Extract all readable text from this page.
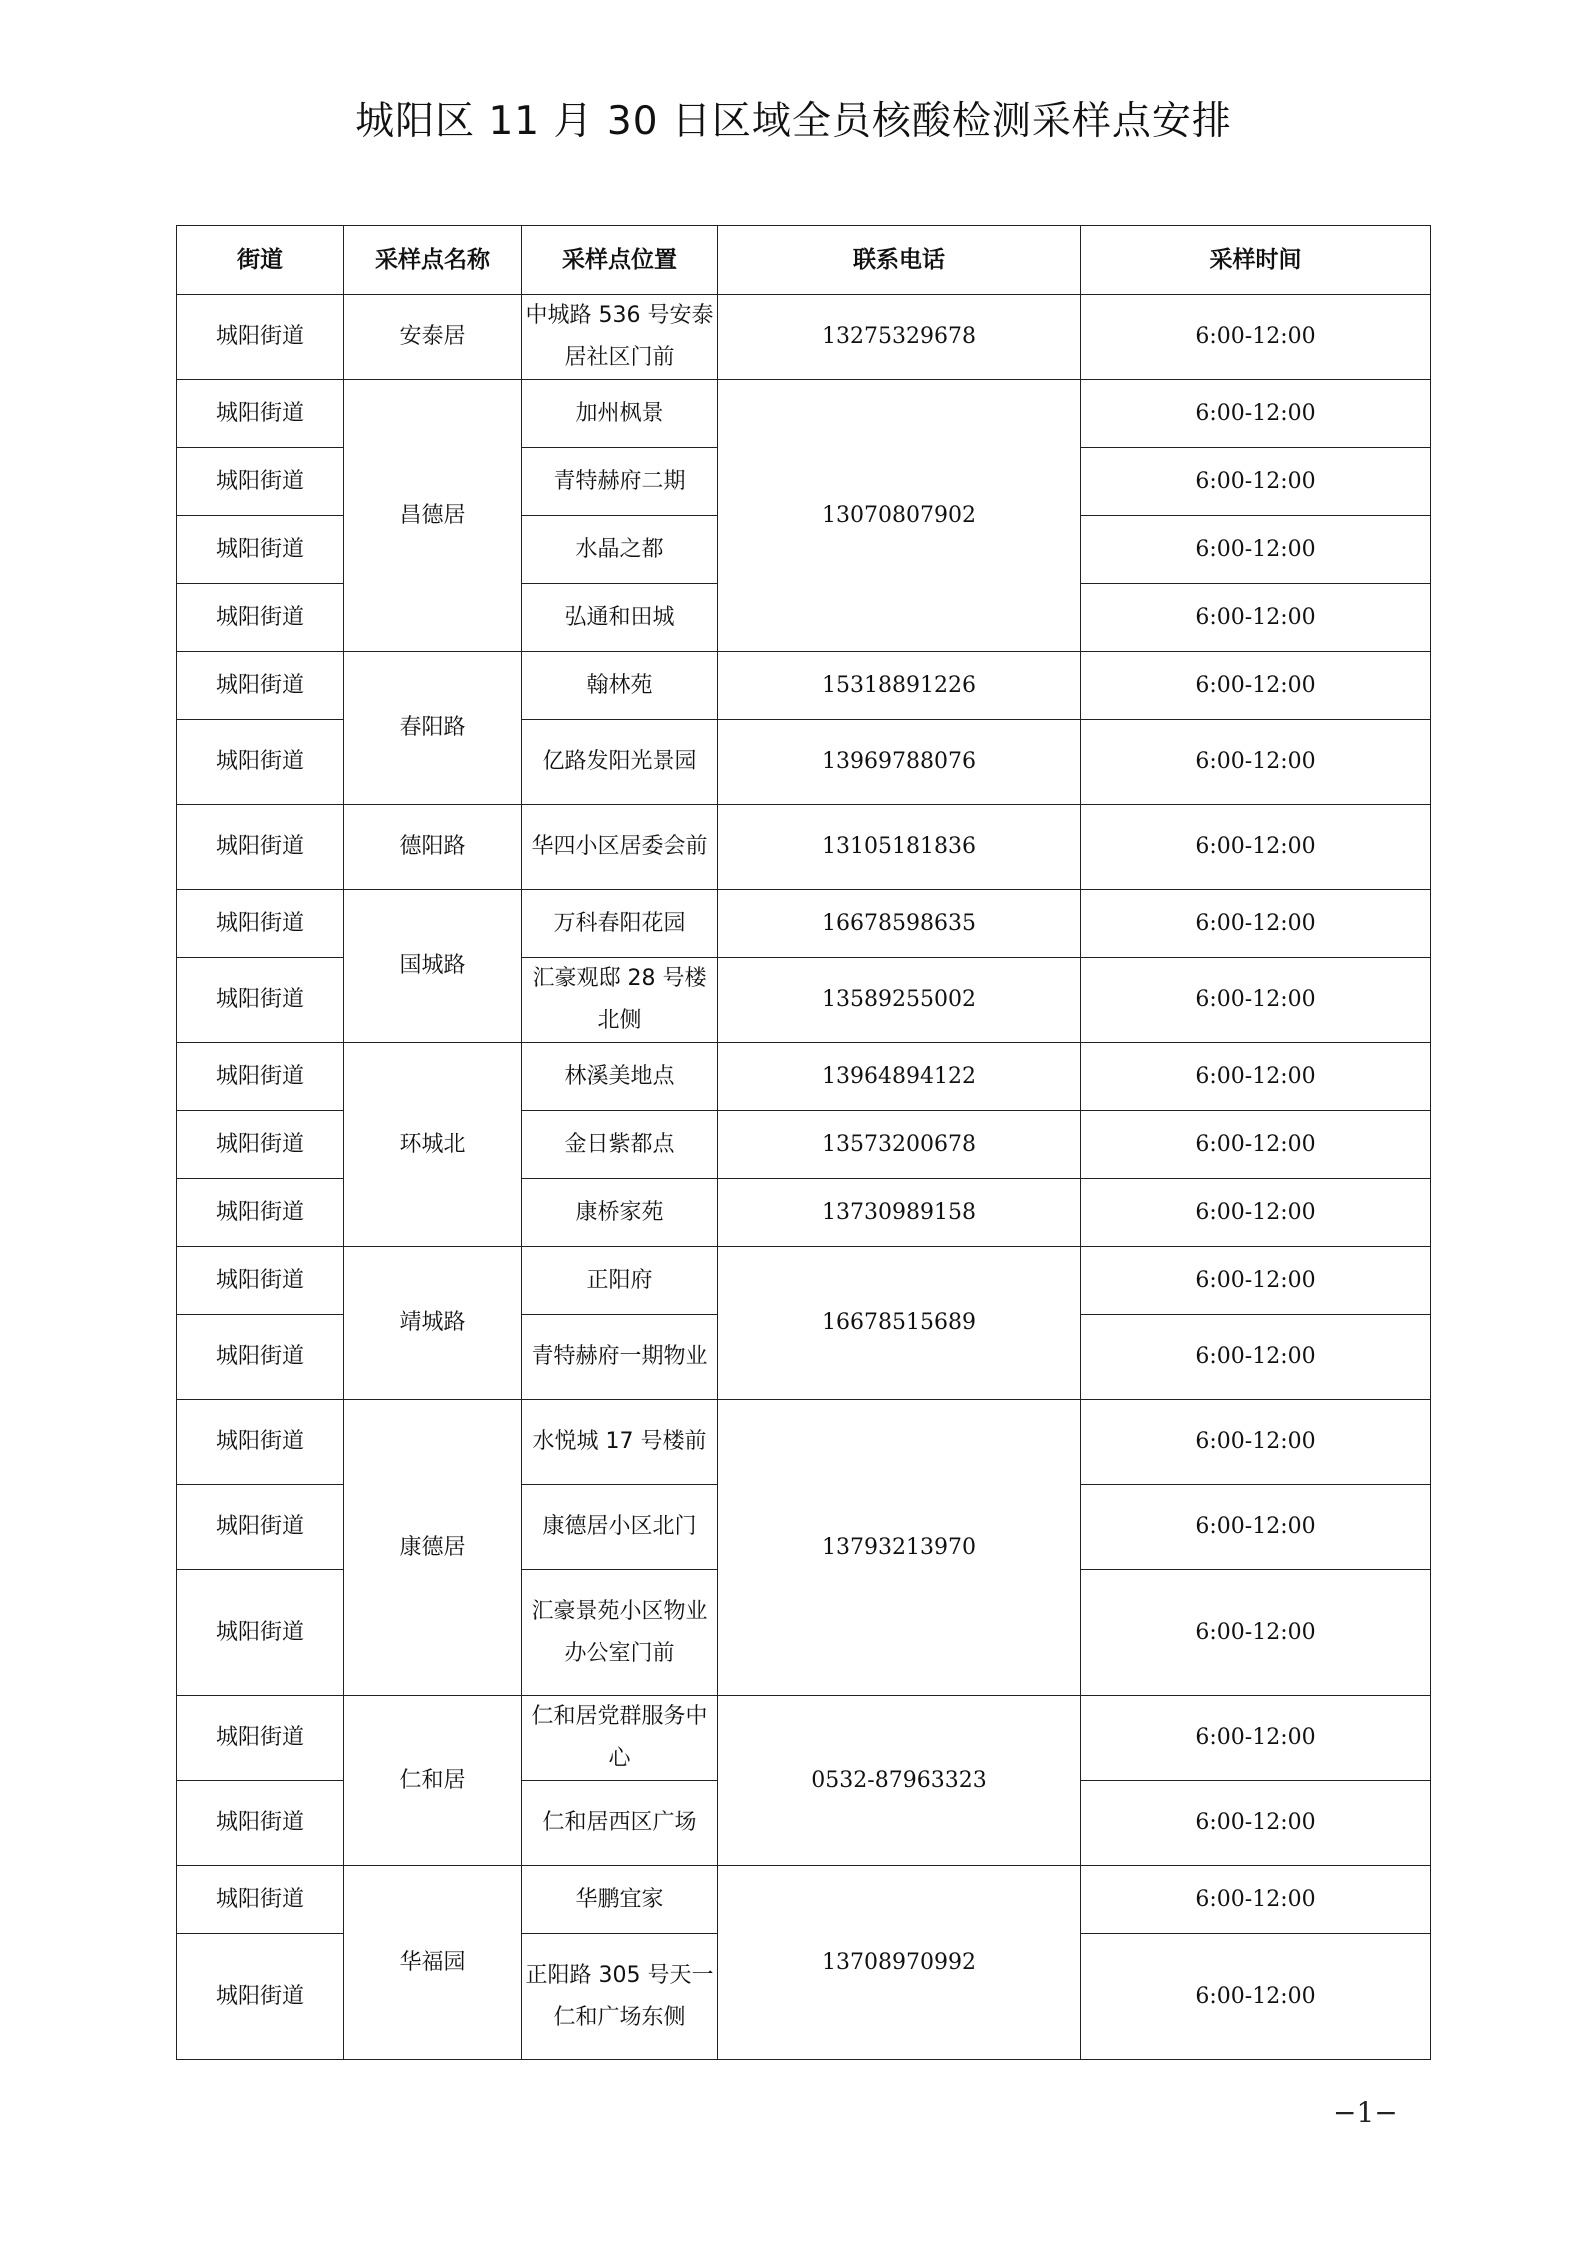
城阳区 11 月 30 日区域全员核酸检测采样点安排
街道	采样点名称	采样点位置	联系电话	采样时间
城阳街道	安泰居	中城路 536 号安泰居社区门前	13275329678	6:00-12:00
城阳街道	昌德居	加州枫景	13070807902	6:00-12:00
城阳街道		青特赫府二期		6:00-12:00
城阳街道		水晶之都		6:00-12:00
城阳街道		弘通和田城		6:00-12:00
城阳街道	春阳路	翰林苑	15318891226	6:00-12:00
城阳街道		亿路发阳光景园	13969788076	6:00-12:00
城阳街道	德阳路	华四小区居委会前	13105181836	6:00-12:00
城阳街道	国城路	万科春阳花园	16678598635	6:00-12:00
城阳街道		汇豪观邸 28 号楼北侧	13589255002	6:00-12:00
城阳街道	环城北	林溪美地点	13964894122	6:00-12:00
城阳街道		金日紫都点	13573200678	6:00-12:00
城阳街道		康桥家苑	13730989158	6:00-12:00
城阳街道	靖城路	正阳府	16678515689	6:00-12:00
城阳街道		青特赫府一期物业		6:00-12:00
城阳街道	康德居	水悦城 17 号楼前	13793213970	6:00-12:00
城阳街道		康德居小区北门		6:00-12:00
城阳街道		汇豪景苑小区物业办公室门前		6:00-12:00
城阳街道	仁和居	仁和居党群服务中心	0532-87963323	6:00-12:00
城阳街道		仁和居西区广场		6:00-12:00
城阳街道	华福园	华鹏宜家	13708970992	6:00-12:00
城阳街道		正阳路 305 号天一仁和广场东侧		6:00-12:00
−1−
